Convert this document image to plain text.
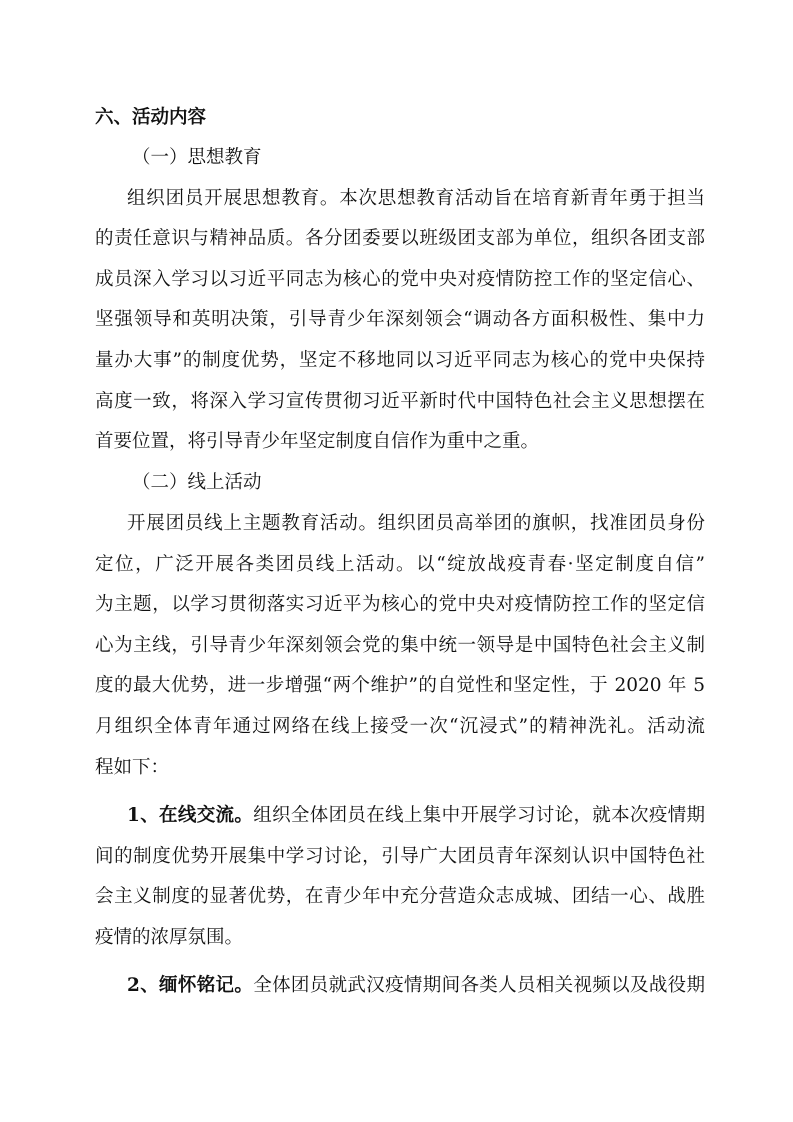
六、活动内容
（一）思想教育
组织团员开展思想教育。本次思想教育活动旨在培育新青年勇于担当
的责任意识与精神品质。各分团委要以班级团支部为单位，组织各团支部
成员深入学习以习近平同志为核心的党中央对疫情防控工作的坚定信心、
坚强领导和英明决策，引导青少年深刻领会“调动各方面积极性、集中力
量办大事”的制度优势，坚定不移地同以习近平同志为核心的党中央保持
高度一致，将深入学习宣传贯彻习近平新时代中国特色社会主义思想摆在
首要位置，将引导青少年坚定制度自信作为重中之重。
（二）线上活动
开展团员线上主题教育活动。组织团员高举团的旗帜，找准团员身份
定位，广泛开展各类团员线上活动。以“绽放战疫青春·坚定制度自信”
为主题，以学习贯彻落实习近平为核心的党中央对疫情防控工作的坚定信
心为主线，引导青少年深刻领会党的集中统一领导是中国特色社会主义制
度的最大优势，进一步增强“两个维护”的自觉性和坚定性，于 2020 年 5
月组织全体青年通过网络在线上接受一次“沉浸式”的精神洗礼。活动流
程如下：
1、在线交流。组织全体团员在线上集中开展学习讨论，就本次疫情期
间的制度优势开展集中学习讨论，引导广大团员青年深刻认识中国特色社
会主义制度的显著优势，在青少年中充分营造众志成城、团结一心、战胜
疫情的浓厚氛围。
2、缅怀铭记。全体团员就武汉疫情期间各类人员相关视频以及战役期
